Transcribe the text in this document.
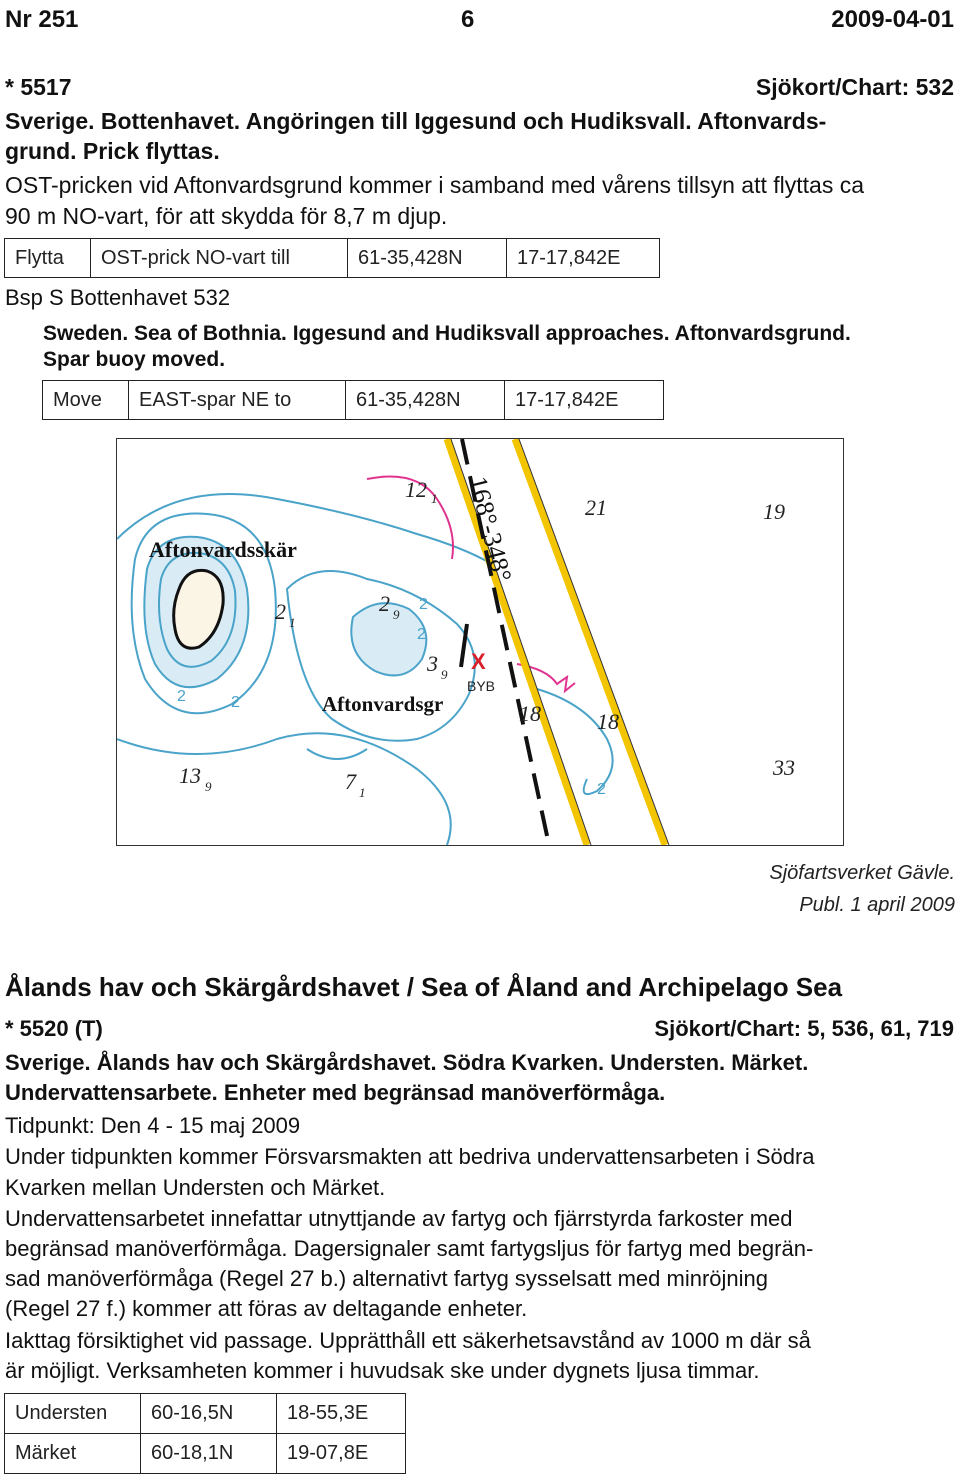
Nr 251	6	2009-04-01
* 5517	Sjökort/Chart: 532
Sverige. Bottenhavet. Angöringen till Iggesund och Hudiksvall. Aftonvards-
grund. Prick flyttas.
OST-pricken vid Aftonvardsgrund kommer i samband med vårens tillsyn att flyttas ca
90 m NO-vart, för att skydda för 8,7 m djup.
Flytta	OST-prick NO-vart till	61-35,428N	17-17,842E
Bsp S Bottenhavet 532
Sweden. Sea of Bothnia. Iggesund and Hudiksvall approaches. Aftonvardsgrund.
Spar buoy moved.
Move	EAST-spar NE to	61-35,428N	17-17,842E
Aftonvardsskär
Aftonvardsgr
168°-348°
BYB
X
12 1	21	19
2 1
2 9
3 9
18	18
33
13 9	7 1
2	2
2
2
2
Sjöfartsverket Gävle.
Publ. 1 april 2009
Ålands hav och Skärgårdshavet / Sea of Åland and Archipelago Sea
* 5520 (T)	Sjökort/Chart: 5, 536, 61, 719
Sverige. Ålands hav och Skärgårdshavet. Södra Kvarken. Understen. Märket.
Undervattensarbete. Enheter med begränsad manöverförmåga.
Tidpunkt: Den 4 - 15 maj 2009
Under tidpunkten kommer Försvarsmakten att bedriva undervattensarbeten i Södra
Kvarken mellan Understen och Märket.
Undervattensarbetet innefattar utnyttjande av fartyg och fjärrstyrda farkoster med
begränsad manöverförmåga. Dagersignaler samt fartygsljus för fartyg med begrän-
sad manöverförmåga (Regel 27 b.) alternativt fartyg sysselsatt med minröjning
(Regel 27 f.) kommer att föras av deltagande enheter.
Iakttag försiktighet vid passage. Upprätthåll ett säkerhetsavstånd av 1000 m där så
är möjligt. Verksamheten kommer i huvudsak ske under dygnets ljusa timmar.
Understen	60-16,5N	18-55,3E
Märket	60-18,1N	19-07,8E
